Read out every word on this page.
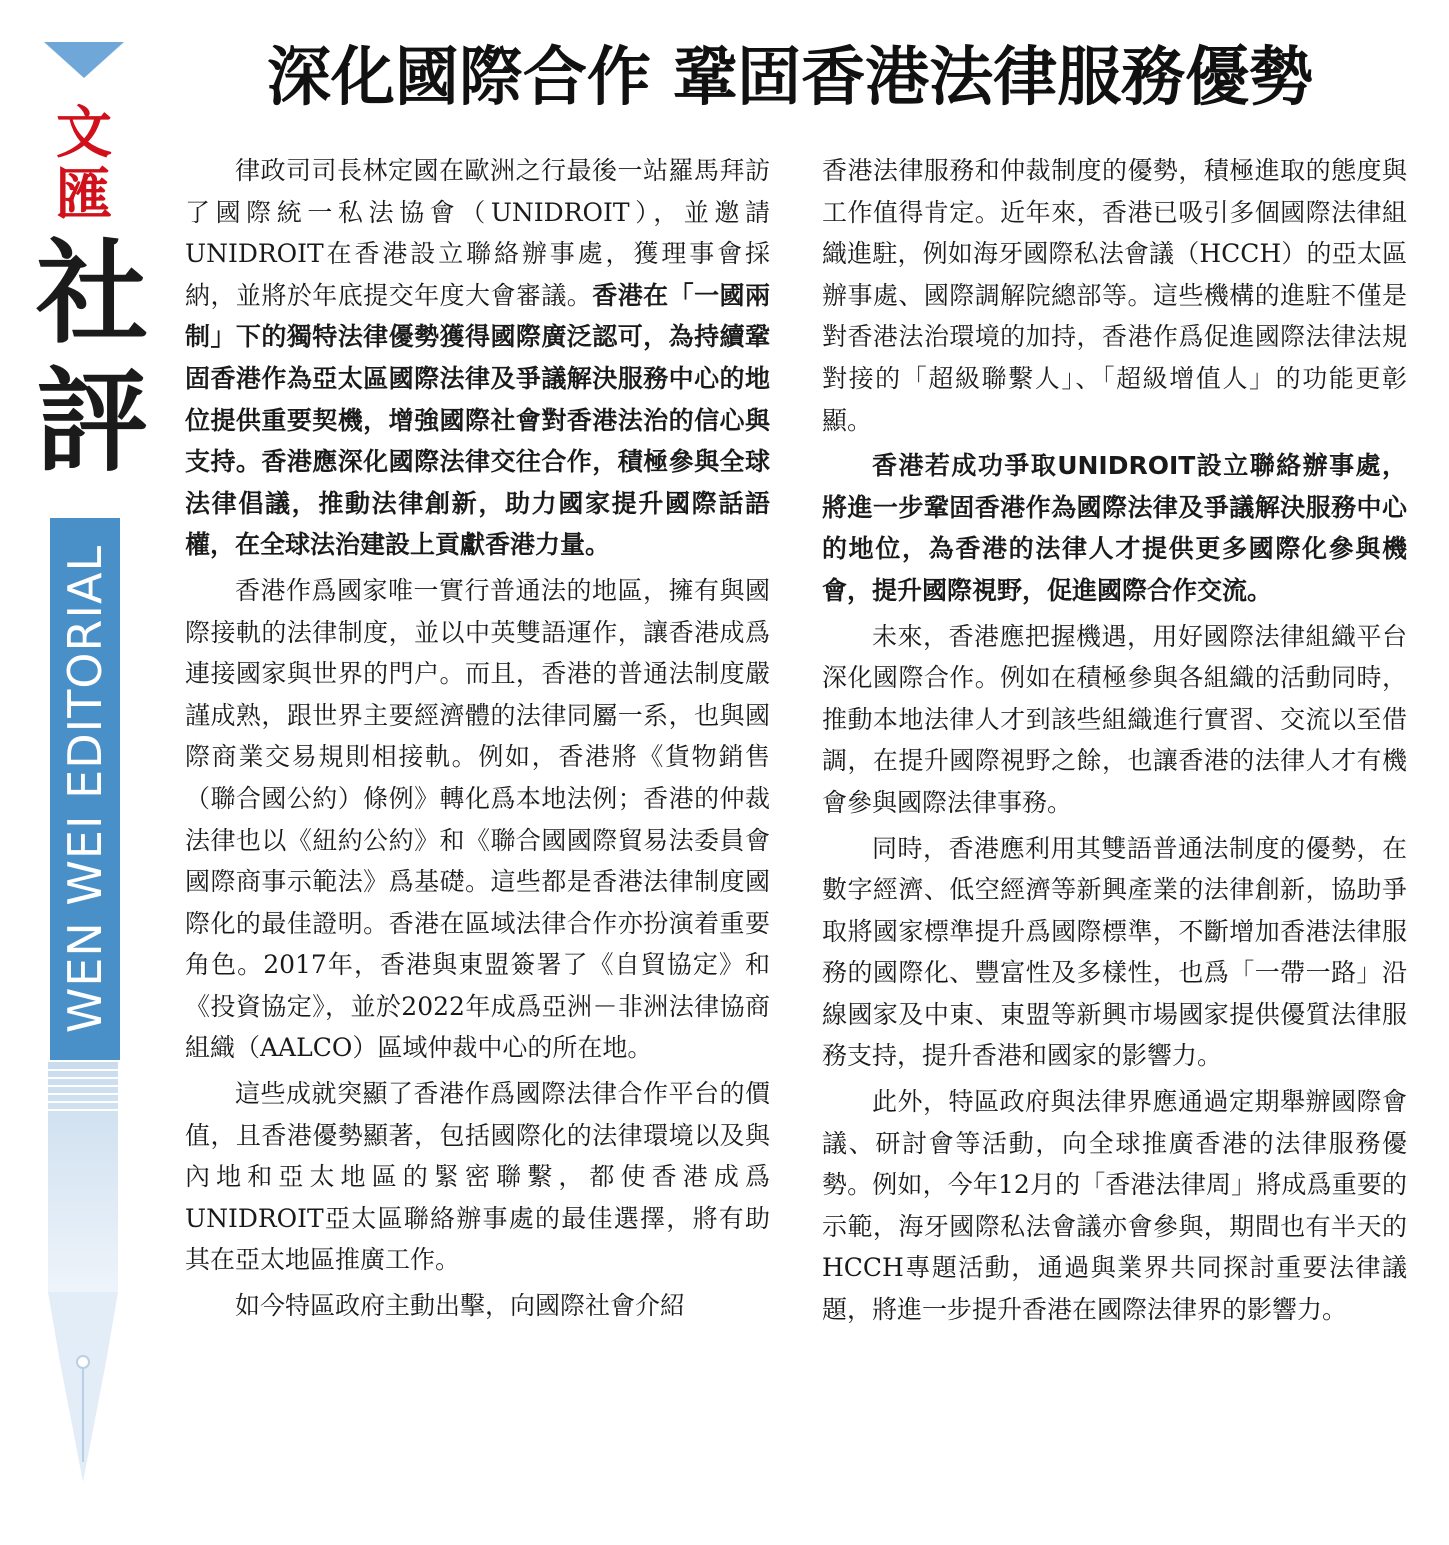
文
匯
社
評
WEN WEI EDITORIAL
深化國際合作 鞏固香港法律服務優勢

律政司司長林定國在歐洲之行最後一站羅馬拜訪了國際統一私法協會（UNIDROIT），並邀請UNIDROIT在香港設立聯絡辦事處，獲理事會採納，並將於年底提交年度大會審議。香港在「一國兩制」下的獨特法律優勢獲得國際廣泛認可，為持續鞏固香港作為亞太區國際法律及爭議解決服務中心的地位提供重要契機，增強國際社會對香港法治的信心與支持。香港應深化國際法律交往合作，積極參與全球法律倡議，推動法律創新，助力國家提升國際話語權，在全球法治建設上貢獻香港力量。

香港作爲國家唯一實行普通法的地區，擁有與國際接軌的法律制度，並以中英雙語運作，讓香港成爲連接國家與世界的門户。而且，香港的普通法制度嚴謹成熟，跟世界主要經濟體的法律同屬一系，也與國際商業交易規則相接軌。例如，香港將《貨物銷售（聯合國公約）條例》轉化爲本地法例；香港的仲裁法律也以《紐約公約》和《聯合國國際貿易法委員會國際商事示範法》爲基礎。這些都是香港法律制度國際化的最佳證明。香港在區域法律合作亦扮演着重要角色。2017年，香港與東盟簽署了《自貿協定》和《投資協定》，並於2022年成爲亞洲－非洲法律協商組織（AALCO）區域仲裁中心的所在地。

這些成就突顯了香港作爲國際法律合作平台的價值，且香港優勢顯著，包括國際化的法律環境以及與內地和亞太地區的緊密聯繫，都使香港成爲UNIDROIT亞太區聯絡辦事處的最佳選擇，將有助其在亞太地區推廣工作。

如今特區政府主動出擊，向國際社會介紹

香港法律服務和仲裁制度的優勢，積極進取的態度與工作值得肯定。近年來，香港已吸引多個國際法律組織進駐，例如海牙國際私法會議（HCCH）的亞太區辦事處、國際調解院總部等。這些機構的進駐不僅是對香港法治環境的加持，香港作爲促進國際法律法規對接的「超級聯繫人」、「超級增值人」的功能更彰顯。

香港若成功爭取UNIDROIT設立聯絡辦事處，將進一步鞏固香港作為國際法律及爭議解決服務中心的地位，為香港的法律人才提供更多國際化參與機會，提升國際視野，促進國際合作交流。

未來，香港應把握機遇，用好國際法律組織平台深化國際合作。例如在積極參與各組織的活動同時，推動本地法律人才到該些組織進行實習、交流以至借調，在提升國際視野之餘，也讓香港的法律人才有機會參與國際法律事務。

同時，香港應利用其雙語普通法制度的優勢，在數字經濟、低空經濟等新興產業的法律創新，協助爭取將國家標準提升爲國際標準，不斷增加香港法律服務的國際化、豐富性及多樣性，也爲「一帶一路」沿線國家及中東、東盟等新興市場國家提供優質法律服務支持，提升香港和國家的影響力。

此外，特區政府與法律界應通過定期舉辦國際會議、研討會等活動，向全球推廣香港的法律服務優勢。例如，今年12月的「香港法律周」將成爲重要的示範，海牙國際私法會議亦會參與，期間也有半天的HCCH專題活動，通過與業界共同探討重要法律議題，將進一步提升香港在國際法律界的影響力。
